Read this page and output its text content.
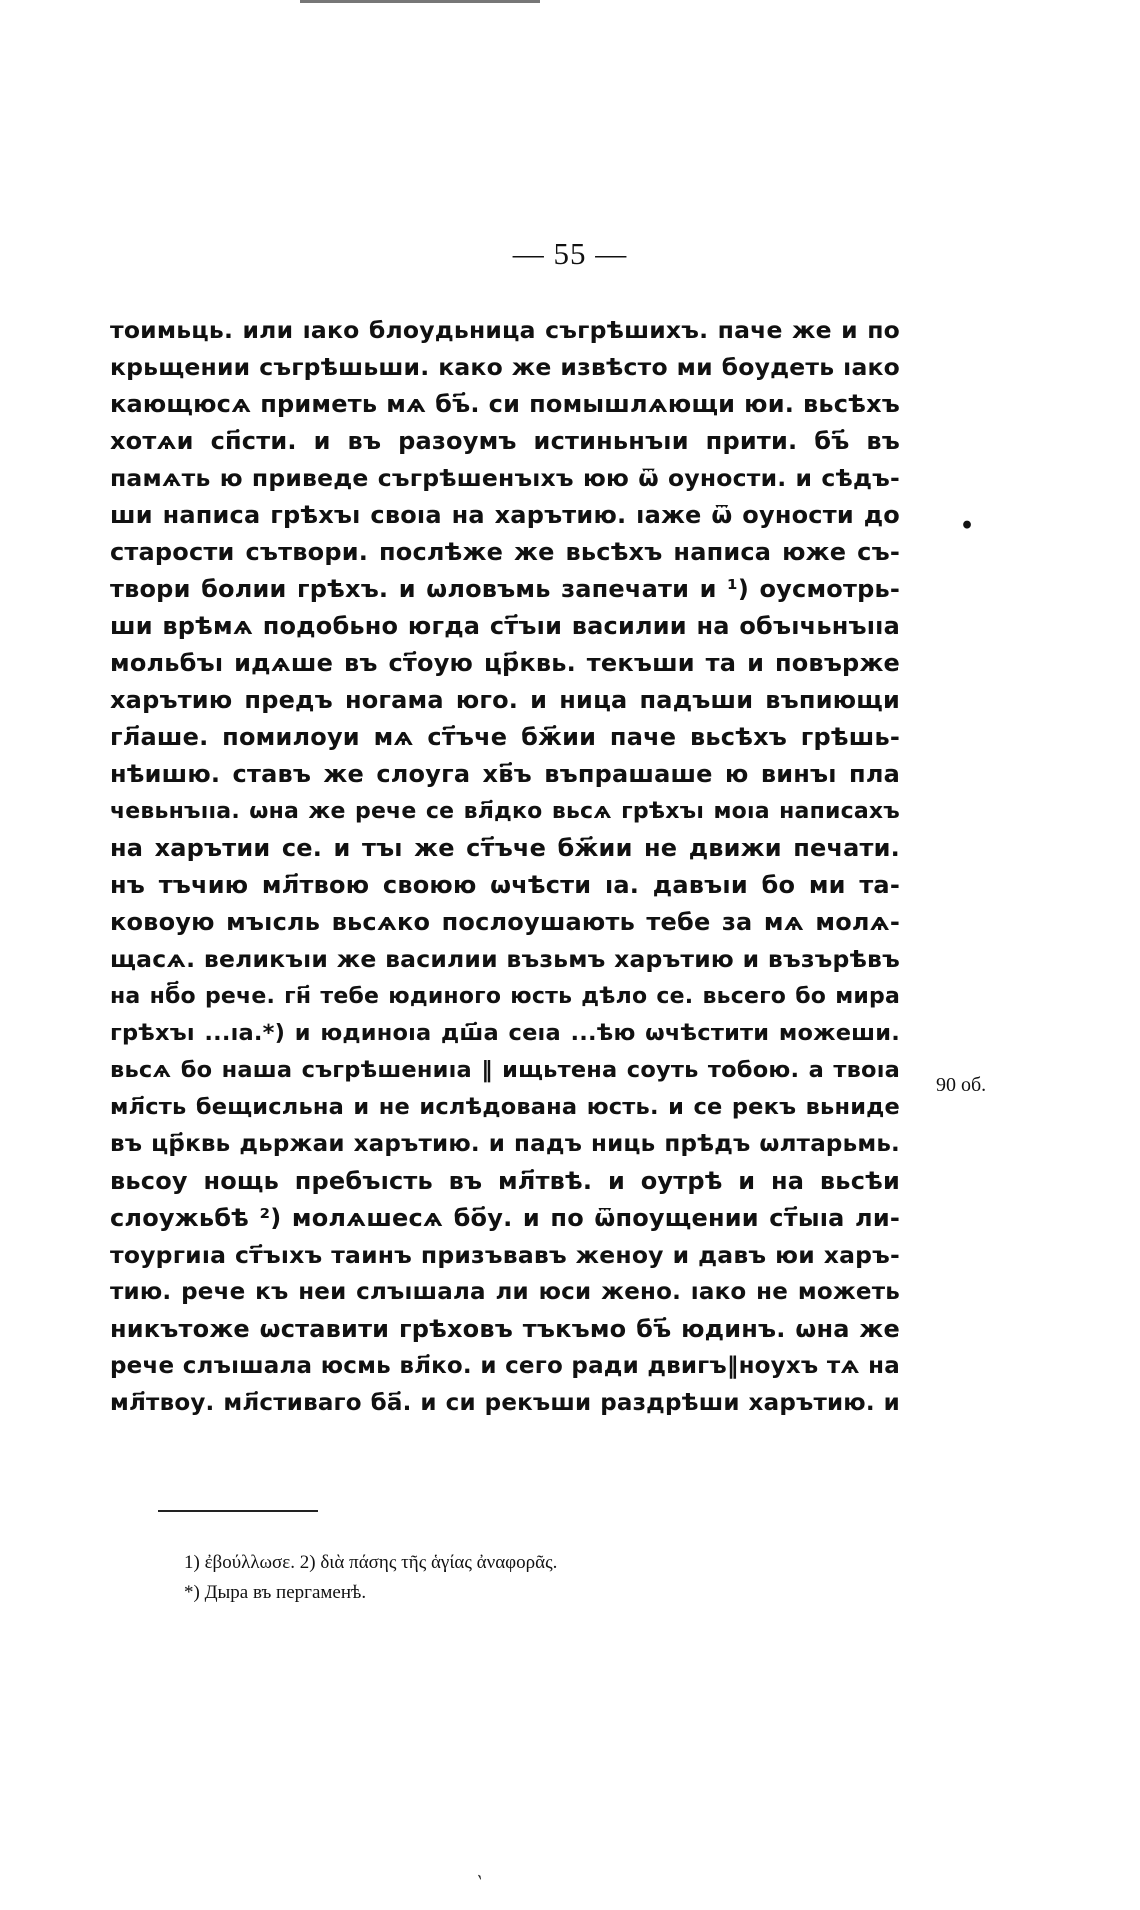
— 55 —
тоимьць. или ıако блоудьница съгрѣшихъ. паче же и по
крьщении съгрѣшьши. како же извѣсто ми боудеть ıако
кающюсѧ приметь мѧ бъ҃. си помышлѧющи юи. вьсѣхъ
хотѧи сп҃сти. и въ разоумъ истиньнъıи прити. бъ҃ въ
памѧть ю приведе съгрѣшенъıхъ юю ѿ оуности. и сѣдъ-
ши написа грѣхъı своıа на харътию. ıаже ѿ оуности до
старости сътвори. послѣже же вьсѣхъ написа юже съ-
твори болии грѣхъ. и ѡловъмь запечати и ¹) оусмотрь-
ши врѣмѧ подобьно югда ст҃ъıи василии на объıчьнъııа
мольбъı идѧше въ ст҃оую цр҃квь. текъши та и повърже
харътию предъ ногама юго. и ница падъши въпиющи
гл҃аше. помилоуи мѧ ст҃ъче бж҃ии паче вьсѣхъ грѣшь-
нѣишю. ставъ же слоуга хв҃ъ въпрашаше ю винъı пла
чевьнъııа. ѡна же рече се вл҃дко вьсѧ грѣхъı моıа написахъ
на харътии се. и тъı же ст҃ъче бж҃ии не движи печати.
нъ тъчию мл҃твою своюю ѡчѣсти ıа. давъıи бо ми та-
ковоую мъıсль вьсѧко послоушають тебе за мѧ молѧ-
щасѧ. великъıи же василии възьмъ харътию и възърѣвъ
на нб҃о рече. гн҃ тебе юдиного юсть дѣло се. вьсего бо мира
грѣхъı ...ıа.*) и юдиноıа дш҃а сеıа ...ѣю ѡчѣстити можеши.
вьсѧ бо наша съгрѣшениıа ‖ ищьтена соуть тобою. а твоıа
мл҃сть бещисльна и не ислѣдована юсть. и се рекъ вьниде
въ цр҃квь дьржаи харътию. и падъ ниць прѣдъ ѡлтарьмь.
вьсоу нощь пребъıсть въ мл҃твѣ. и оутрѣ и на вьсѣи
слоужьбѣ ²) молѧшесѧ бо҃у. и по ѿпоущении ст҃ыıа ли-
тоургиıа ст҃ъıхъ таинъ призъвавъ женоу и давъ юи харъ-
тию. рече къ неи слъıшала ли юси жено. ıако не можеть
никътоже ѡставити грѣховъ тъкъмо бъ҃ юдинъ. ѡна же
рече слъıшала юсмь вл҃ко. и сего ради двигъ‖ноухъ тѧ на
мл҃твоу. мл҃стиваго ба҃. и си рекъши раздрѣши харътию. и
•
90 об.
1) ἐβούλλωσε. 2) διὰ πάσης τῆς ἁγίας ἀναφορᾶς.
*) Дыра въ пергаменѣ.
ˎ
